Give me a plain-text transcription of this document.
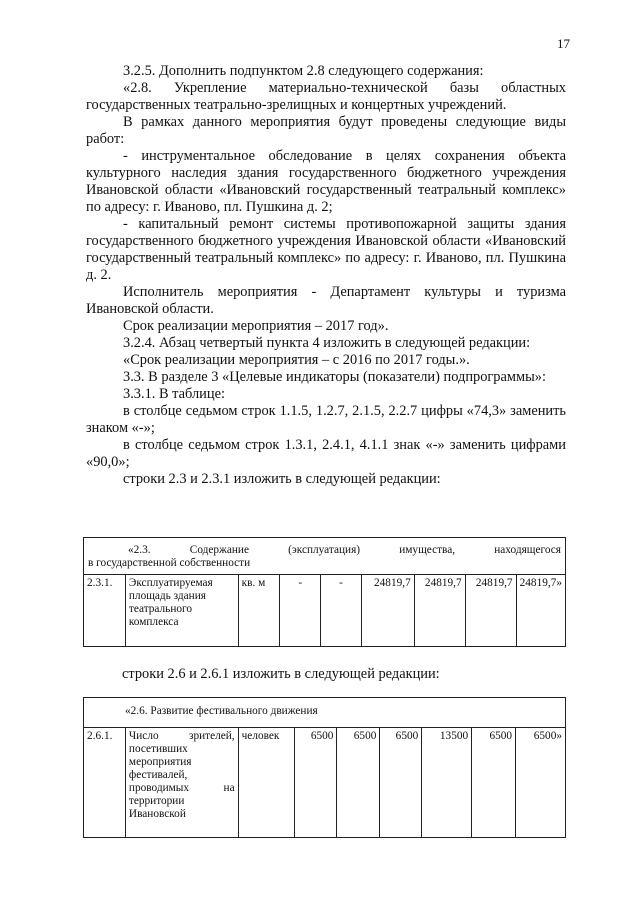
17

3.2.5. Дополнить подпунктом 2.8 следующего содержания:

«2.8. Укрепление материально-технической базы областных государственных театрально-зрелищных и концертных учреждений.

В рамках данного мероприятия будут проведены следующие виды работ:

- инструментальное обследование в целях сохранения объекта культурного наследия здания государственного бюджетного учреждения Ивановской области «Ивановский государственный театральный комплекс» по адресу: г. Иваново, пл. Пушкина д. 2;

- капитальный ремонт системы противопожарной защиты здания государственного бюджетного учреждения Ивановской области «Ивановский государственный театральный комплекс» по адресу: г. Иваново, пл. Пушкина д. 2.

Исполнитель мероприятия - Департамент культуры и туризма Ивановской области.

Срок реализации мероприятия – 2017 год».

3.2.4. Абзац четвертый пункта 4 изложить в следующей редакции:

«Срок реализации мероприятия – с 2016 по 2017 годы.».

3.3. В разделе 3 «Целевые индикаторы (показатели) подпрограммы»:

3.3.1. В таблице:

в столбце седьмом строк 1.1.5, 1.2.7, 2.1.5, 2.2.7 цифры «74,3» заменить знаком «-»;

в столбце седьмом строк 1.3.1, 2.4.1, 4.1.1 знак «-» заменить цифрами «90,0»;

строки 2.3 и 2.3.1 изложить в следующей редакции:

«2.3. Содержание (эксплуатация) имущества, находящегося
в государственной собственности
2.3.1.	Эксплуатируемая площадь здания театрального комплекса	кв. м	-	-	24819,7	24819,7	24819,7	24819,7»
строки 2.6 и 2.6.1 изложить в следующей редакции:
«2.6. Развитие фестивального движения
2.6.1.	Число зрителей, посетивших мероприятия фестивалей, проводимых на территории Ивановской	человек	6500	6500	6500	13500	6500	6500»
